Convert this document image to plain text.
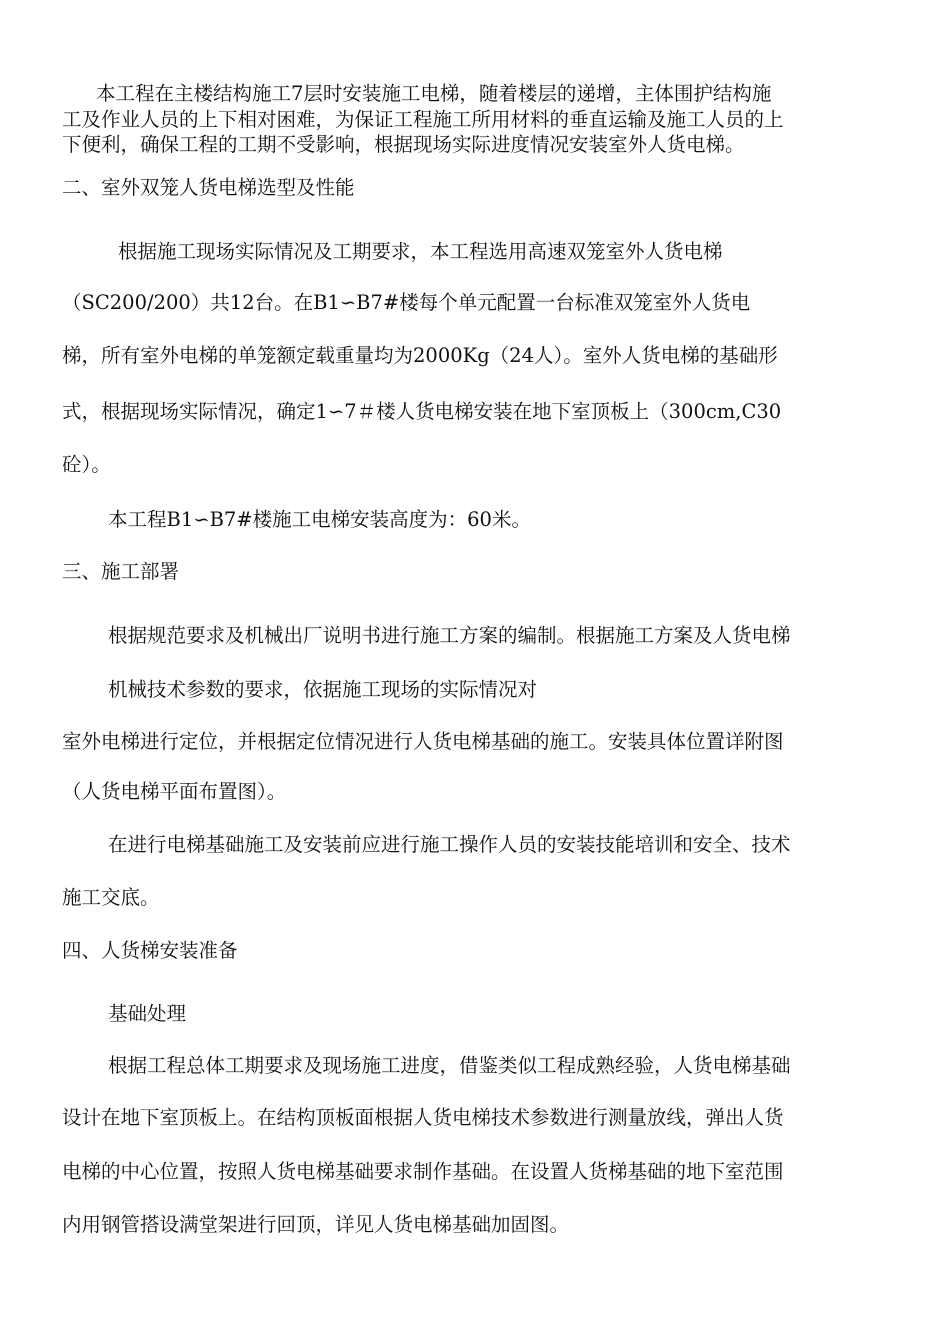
本工程在主楼结构施工7层时安装施工电梯，随着楼层的递增，主体围护结构施
工及作业人员的上下相对困难，为保证工程施工所用材料的垂直运输及施工人员的上
下便利，确保工程的工期不受影响，根据现场实际进度情况安装室外人货电梯。
二、室外双笼人货电梯选型及性能
根据施工现场实际情况及工期要求，本工程选用高速双笼室外人货电梯
（SC200/200）共12台。在B1∽B7#楼每个单元配置一台标准双笼室外人货电
梯，所有室外电梯的单笼额定载重量均为2000Kg（24人）。室外人货电梯的基础形
式，根据现场实际情况，确定1∽7＃楼人货电梯安装在地下室顶板上（300cm,C30
砼）。
本工程B1∽B7#楼施工电梯安装高度为：60米。
三、施工部署
根据规范要求及机械出厂说明书进行施工方案的编制。根据施工方案及人货电梯
机械技术参数的要求，依据施工现场的实际情况对
室外电梯进行定位，并根据定位情况进行人货电梯基础的施工。安装具体位置详附图
（人货电梯平面布置图）。
在进行电梯基础施工及安装前应进行施工操作人员的安装技能培训和安全、技术
施工交底。
四、人货梯安装准备
基础处理
根据工程总体工期要求及现场施工进度，借鉴类似工程成熟经验，人货电梯基础
设计在地下室顶板上。在结构顶板面根据人货电梯技术参数进行测量放线，弹出人货
电梯的中心位置，按照人货电梯基础要求制作基础。在设置人货梯基础的地下室范围
内用钢管搭设满堂架进行回顶，详见人货电梯基础加固图。
